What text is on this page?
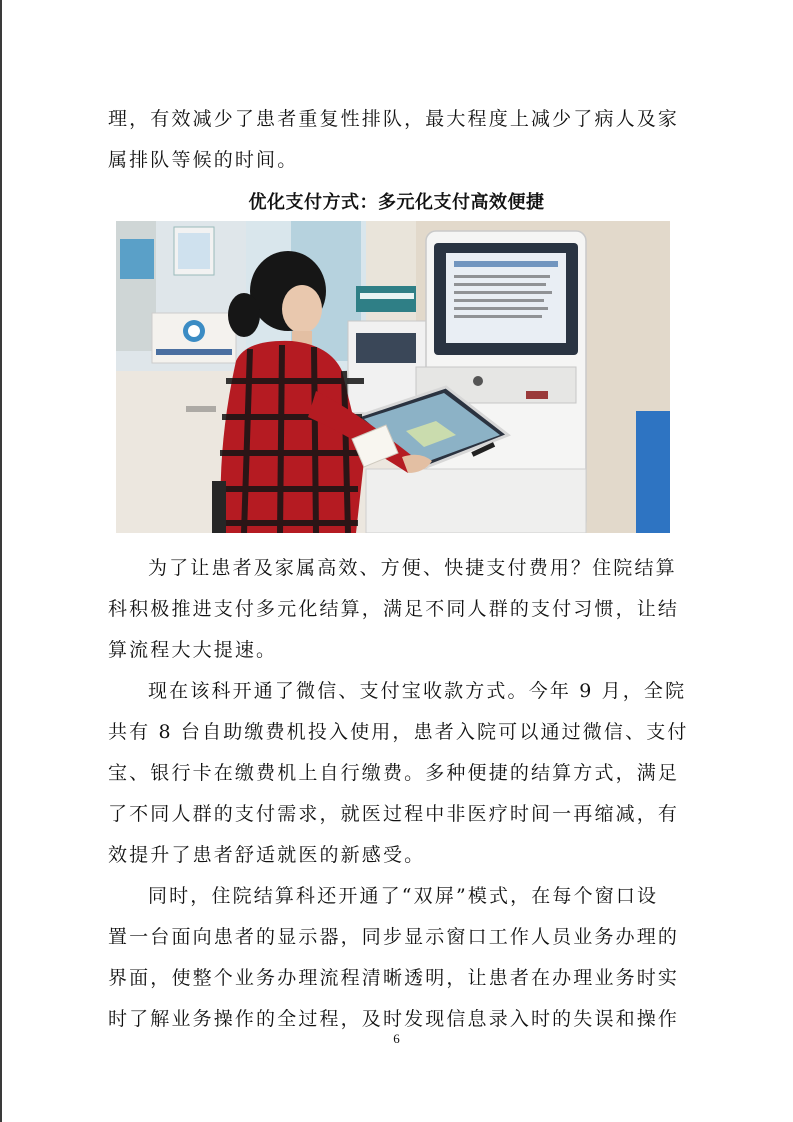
理，有效减少了患者重复性排队，最大程度上减少了病人及家
属排队等候的时间。
优化支付方式：多元化支付高效便捷
为了让患者及家属高效、方便、快捷支付费用？住院结算
科积极推进支付多元化结算，满足不同人群的支付习惯，让结
算流程大大提速。
现在该科开通了微信、支付宝收款方式。今年 9 月，全院
共有 8 台自助缴费机投入使用，患者入院可以通过微信、支付
宝、银行卡在缴费机上自行缴费。多种便捷的结算方式，满足
了不同人群的支付需求，就医过程中非医疗时间一再缩减，有
效提升了患者舒适就医的新感受。
同时，住院结算科还开通了“双屏”模式，在每个窗口设
置一台面向患者的显示器，同步显示窗口工作人员业务办理的
界面，使整个业务办理流程清晰透明，让患者在办理业务时实
时了解业务操作的全过程，及时发现信息录入时的失误和操作
6
